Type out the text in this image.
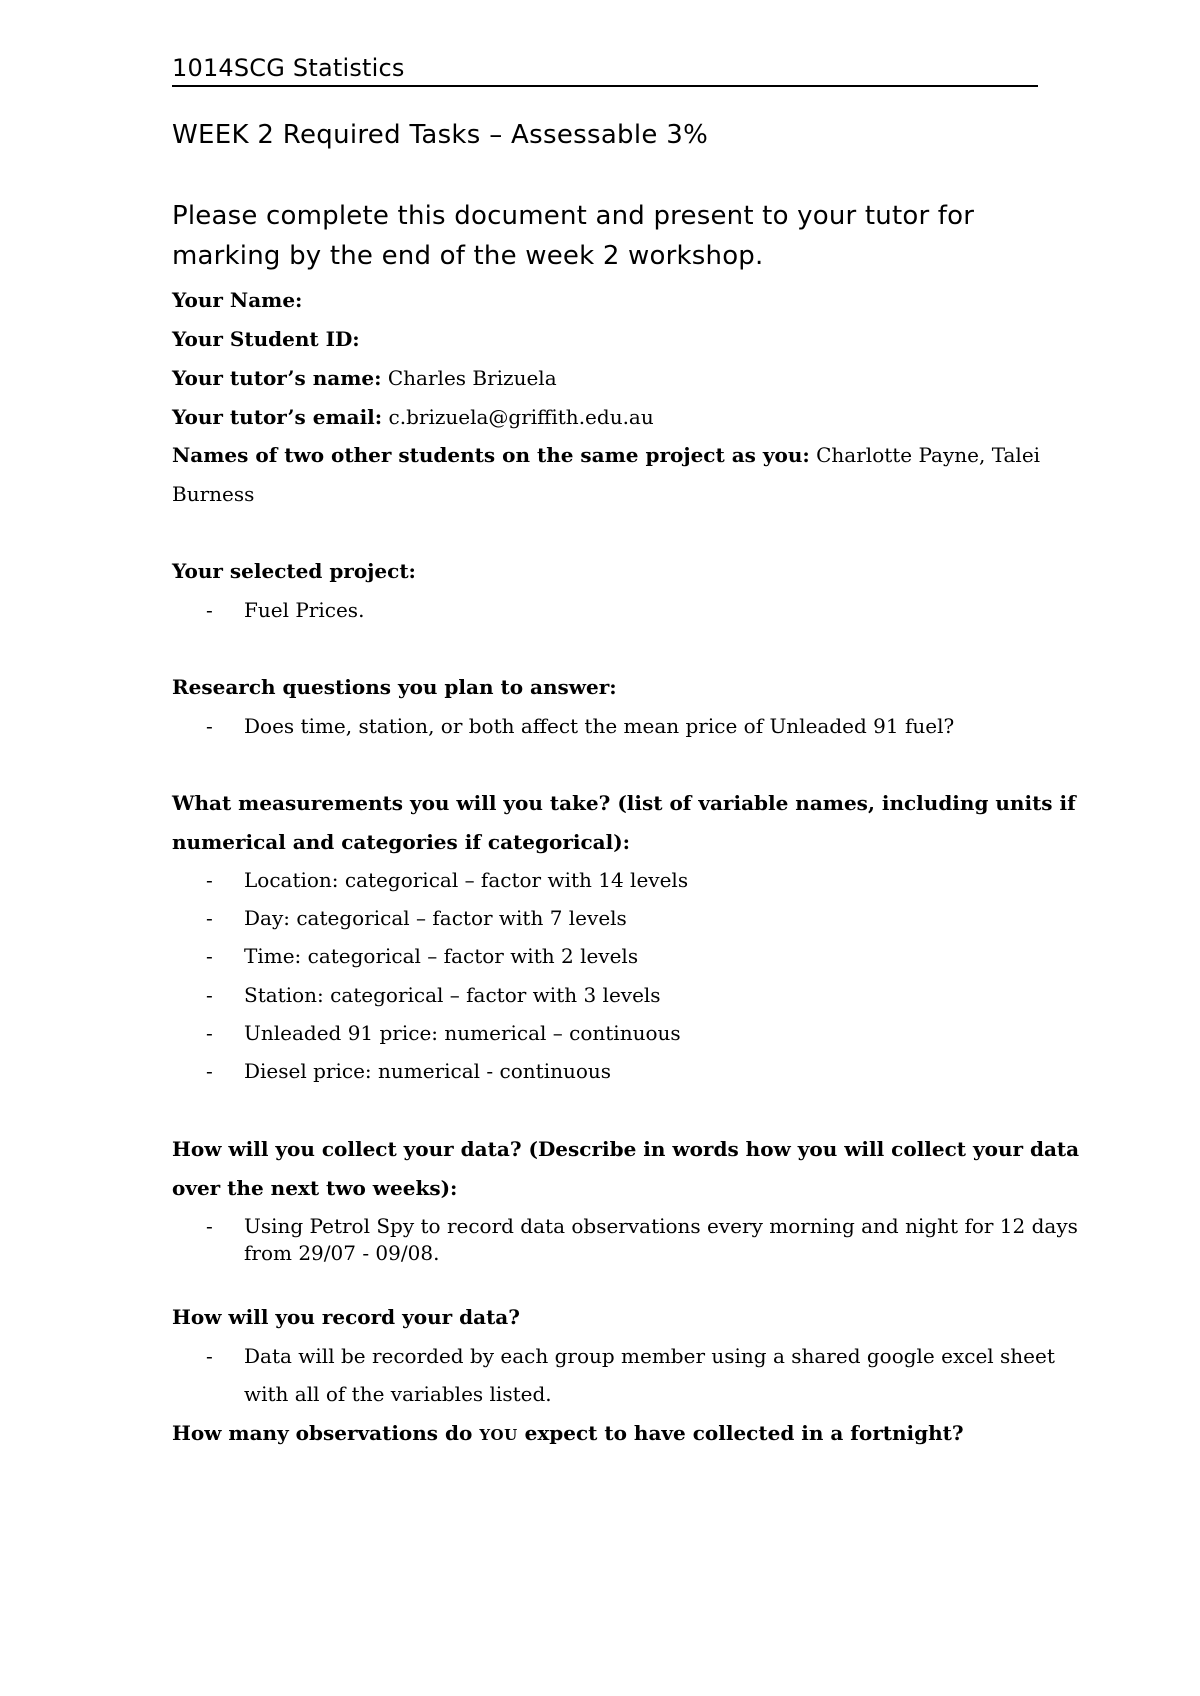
1014SCG Statistics
WEEK 2 Required Tasks – Assessable 3%
Please complete this document and present to your tutor for
marking by the end of the week 2 workshop.
Your Name:
Your Student ID:
Your tutor’s name: Charles Brizuela
Your tutor’s email: c.brizuela@griffith.edu.au
Names of two other students on the same project as you: Charlotte Payne, Talei
Burness
Your selected project:
- Fuel Prices.
Research questions you plan to answer:
- Does time, station, or both affect the mean price of Unleaded 91 fuel?
What measurements you will you take? (list of variable names, including units if
numerical and categories if categorical):
- Location: categorical – factor with 14 levels
- Day: categorical – factor with 7 levels
- Time: categorical – factor with 2 levels
- Station: categorical – factor with 3 levels
- Unleaded 91 price: numerical – continuous
- Diesel price: numerical - continuous
How will you collect your data? (Describe in words how you will collect your data
over the next two weeks):
- Using Petrol Spy to record data observations every morning and night for 12 days
from 29/07 - 09/08.
How will you record your data?
- Data will be recorded by each group member using a shared google excel sheet
with all of the variables listed.
How many observations do YOU expect to have collected in a fortnight?
